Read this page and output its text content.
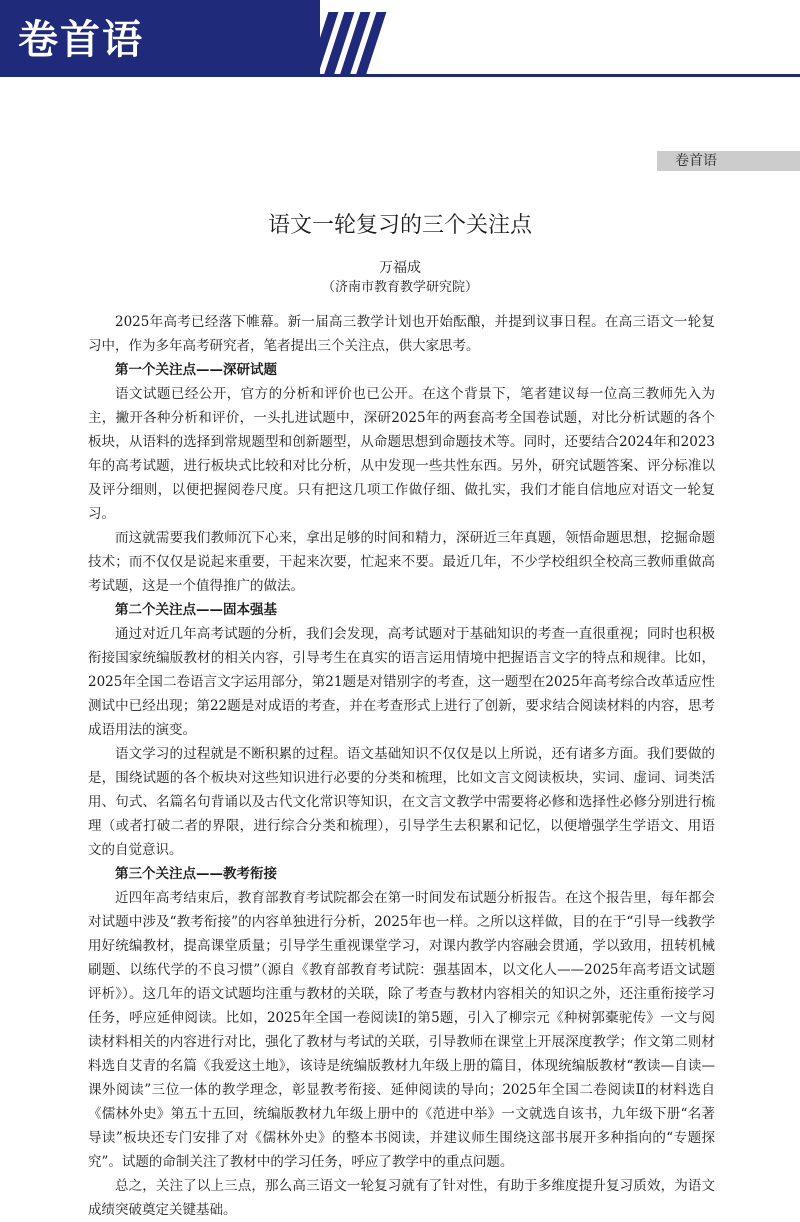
卷首语
卷首语
语文一轮复习的三个关注点
万福成
（济南市教育教学研究院）

2025年高考已经落下帷幕。新一届高三教学计划也开始酝酿，并提到议事日程。在高三语文一轮复习中，作为多年高考研究者，笔者提出三个关注点，供大家思考。

第一个关注点——深研试题

语文试题已经公开，官方的分析和评价也已公开。在这个背景下，笔者建议每一位高三教师先入为主，撇开各种分析和评价，一头扎进试题中，深研2025年的两套高考全国卷试题，对比分析试题的各个板块，从语料的选择到常规题型和创新题型，从命题思想到命题技术等。同时，还要结合2024年和2023年的高考试题，进行板块式比较和对比分析，从中发现一些共性东西。另外，研究试题答案、评分标准以及评分细则，以便把握阅卷尺度。只有把这几项工作做仔细、做扎实，我们才能自信地应对语文一轮复习。

而这就需要我们教师沉下心来，拿出足够的时间和精力，深研近三年真题，领悟命题思想，挖掘命题技术；而不仅仅是说起来重要，干起来次要，忙起来不要。最近几年，不少学校组织全校高三教师重做高考试题，这是一个值得推广的做法。

第二个关注点——固本强基

通过对近几年高考试题的分析，我们会发现，高考试题对于基础知识的考查一直很重视；同时也积极衔接国家统编版教材的相关内容，引导考生在真实的语言运用情境中把握语言文字的特点和规律。比如，2025年全国二卷语言文字运用部分，第21题是对错别字的考查，这一题型在2025年高考综合改革适应性测试中已经出现；第22题是对成语的考查，并在考查形式上进行了创新，要求结合阅读材料的内容，思考成语用法的演变。

语文学习的过程就是不断积累的过程。语文基础知识不仅仅是以上所说，还有诸多方面。我们要做的是，围绕试题的各个板块对这些知识进行必要的分类和梳理，比如文言文阅读板块，实词、虚词、词类活用、句式、名篇名句背诵以及古代文化常识等知识，在文言文教学中需要将必修和选择性必修分别进行梳理（或者打破二者的界限，进行综合分类和梳理），引导学生去积累和记忆，以便增强学生学语文、用语文的自觉意识。

第三个关注点——教考衔接

近四年高考结束后，教育部教育考试院都会在第一时间发布试题分析报告。在这个报告里，每年都会对试题中涉及“教考衔接”的内容单独进行分析，2025年也一样。之所以这样做，目的在于“引导一线教学用好统编教材，提高课堂质量；引导学生重视课堂学习，对课内教学内容融会贯通，学以致用，扭转机械刷题、以练代学的不良习惯”（源自《教育部教育考试院：强基固本，以文化人——2025年高考语文试题评析》）。这几年的语文试题均注重与教材的关联，除了考查与教材内容相关的知识之外，还注重衔接学习任务，呼应延伸阅读。比如，2025年全国一卷阅读Ⅰ的第5题，引入了柳宗元《种树郭橐驼传》一文与阅读材料相关的内容进行对比，强化了教材与考试的关联，引导教师在课堂上开展深度教学；作文第二则材料选自艾青的名篇《我爱这土地》，该诗是统编版教材九年级上册的篇目，体现统编版教材“教读—自读—课外阅读”三位一体的教学理念，彰显教考衔接、延伸阅读的导向；2025年全国二卷阅读Ⅱ的材料选自《儒林外史》第五十五回，统编版教材九年级上册中的《范进中举》一文就选自该书，九年级下册“名著导读”板块还专门安排了对《儒林外史》的整本书阅读，并建议师生围绕这部书展开多种指向的“专题探究”。试题的命制关注了教材中的学习任务，呼应了教学中的重点问题。

总之，关注了以上三点，那么高三语文一轮复习就有了针对性，有助于多维度提升复习质效，为语文成绩突破奠定关键基础。
